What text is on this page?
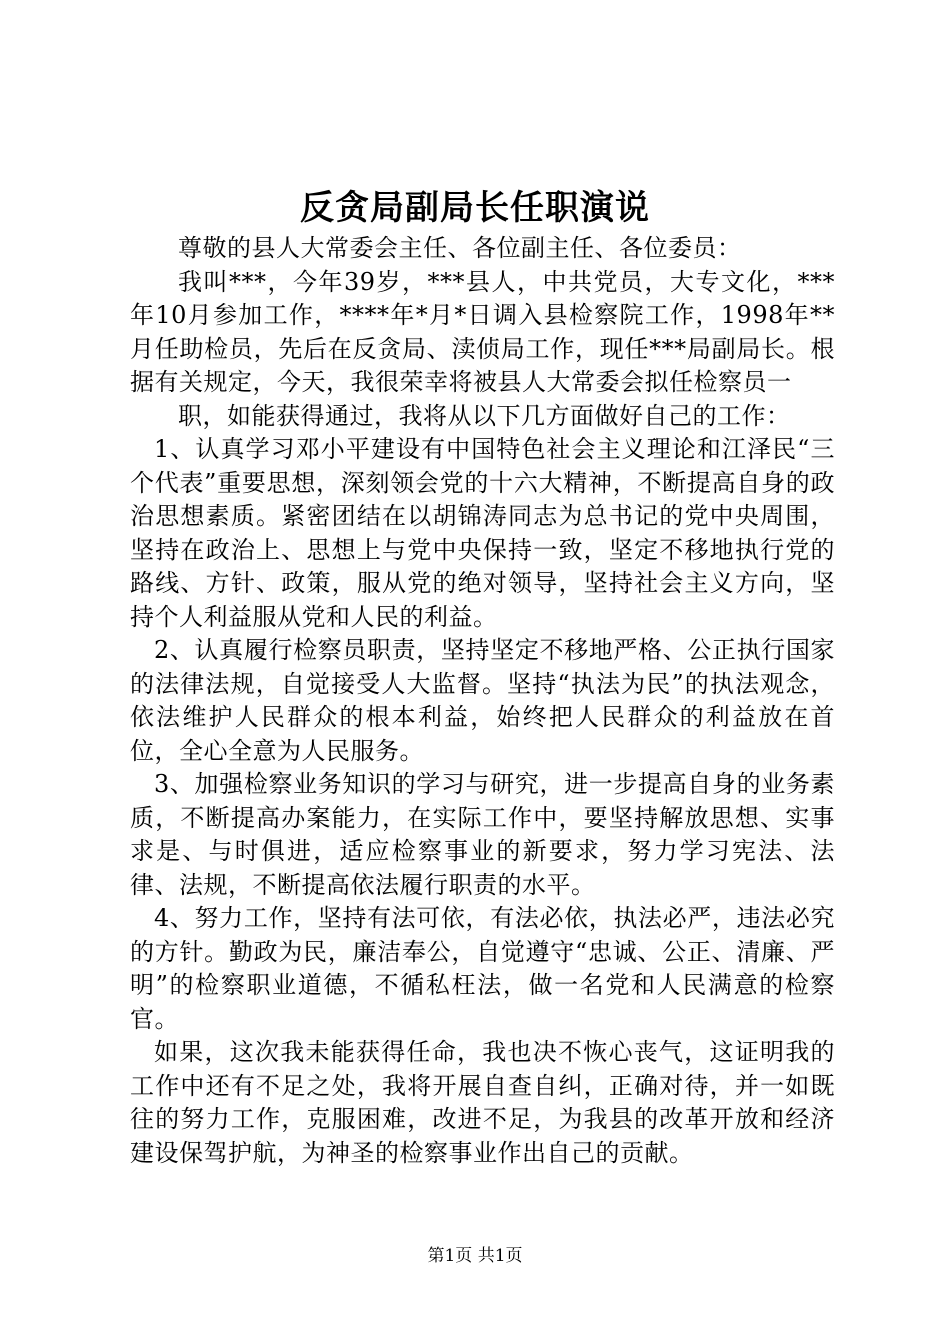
反贪局副局长任职演说

尊敬的县人大常委会主任、各位副主任、各位委员：

我叫***，今年39岁，***县人，中共党员，大专文化，***年10月参加工作，****年*月*日调入县检察院工作，1998年**月任助检员，先后在反贪局、渎侦局工作，现任***局副局长。根据有关规定，今天，我很荣幸将被县人大常委会拟任检察员一

职，如能获得通过，我将从以下几方面做好自己的工作：

1、认真学习邓小平建设有中国特色社会主义理论和江泽民“三个代表”重要思想，深刻领会党的十六大精神，不断提高自身的政治思想素质。紧密团结在以胡锦涛同志为总书记的党中央周围，坚持在政治上、思想上与党中央保持一致，坚定不移地执行党的路线、方针、政策，服从党的绝对领导，坚持社会主义方向，坚持个人利益服从党和人民的利益。

2、认真履行检察员职责，坚持坚定不移地严格、公正执行国家的法律法规，自觉接受人大监督。坚持“执法为民”的执法观念，依法维护人民群众的根本利益，始终把人民群众的利益放在首位，全心全意为人民服务。

3、加强检察业务知识的学习与研究，进一步提高自身的业务素质，不断提高办案能力，在实际工作中，要坚持解放思想、实事求是、与时俱进，适应检察事业的新要求，努力学习宪法、法律、法规，不断提高依法履行职责的水平。

4、努力工作，坚持有法可依，有法必依，执法必严，违法必究的方针。勤政为民，廉洁奉公，自觉遵守“忠诚、公正、清廉、严明”的检察职业道德，不循私枉法，做一名党和人民满意的检察官。

如果，这次我未能获得任命，我也决不恢心丧气，这证明我的工作中还有不足之处，我将开展自查自纠，正确对待，并一如既往的努力工作，克服困难，改进不足，为我县的改革开放和经济建设保驾护航，为神圣的检察事业作出自己的贡献。

第1页 共1页
